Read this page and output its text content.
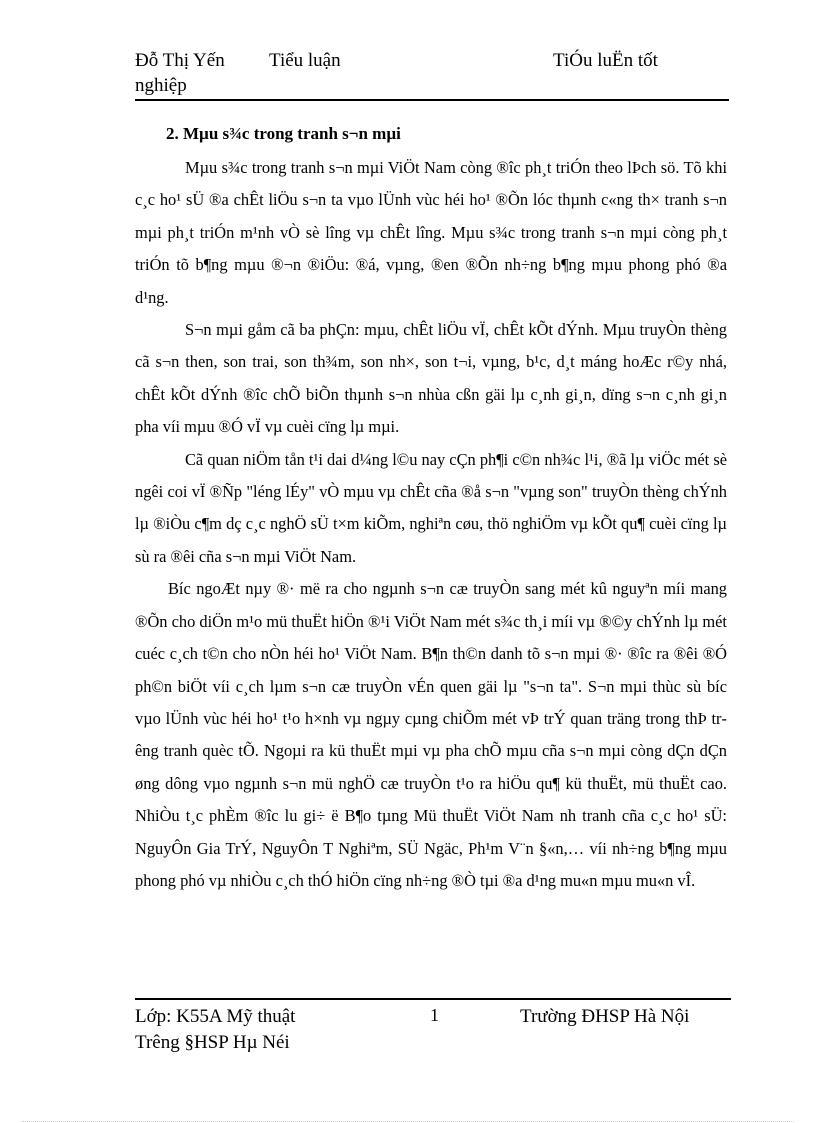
Đỗ Thị Yến Tiểu luận	TiÓu luËn tốt
nghiệp
2. Mµu s¾c trong tranh s¬n mµi

Mµu s¾c trong tranh s¬n mµi ViÖt Nam còng ®îc ph¸t triÓn theo lÞch sö. Tõ khi c¸c ho¹ sÜ ®a chÊt liÖu s¬n ta vµo lÜnh vùc héi ho¹ ®Õn lóc thµnh c«ng th× tranh s¬n mµi ph¸t triÓn m¹nh vÒ sè lîng vµ chÊt lîng. Mµu s¾c trong tranh s¬n mµi còng ph¸t triÓn tõ b¶ng mµu ®¬n ®iÖu: ®á, vµng, ®en ®Õn nh÷ng b¶ng mµu phong phó ®a d¹ng.

S¬n mµi gåm cã ba phÇn: mµu, chÊt liÖu vÏ, chÊt kÕt dÝnh. Mµu truyÒn thèng cã s¬n then, son trai, son th¾m, son nh×, son t¬i, vµng, b¹c, d¸t máng hoÆc r©y nhá, chÊt kÕt dÝnh ®îc chÕ biÕn thµnh s¬n nhùa cßn gäi lµ c¸nh gi¸n, dïng s¬n c¸nh gi¸n pha víi mµu ®Ó vÏ vµ cuèi cïng lµ mµi.

Cã quan niÖm tån t¹i dai d¼ng l©u nay cÇn ph¶i c©n nh¾c l¹i, ®ã lµ viÖc mét sè ngêi coi vÏ ®Ñp "léng lÉy" vÒ mµu vµ chÊt cña ®å s¬n "vµng son" truyÒn thèng chÝnh lµ ®iÒu c¶m dç c¸c nghÖ sÜ t×m kiÕm, nghiªn cøu, thö nghiÖm vµ kÕt qu¶ cuèi cïng lµ sù ra ®êi cña s¬n mµi ViÖt Nam.

Bíc ngoÆt nµy ®· më ra cho ngµnh s¬n cæ truyÒn sang mét kû nguyªn míi mang ®Õn cho diÖn m¹o mü thuËt hiÖn ®¹i ViÖt Nam mét s¾c th¸i míi vµ ®©y chÝnh lµ mét cuéc c¸ch t©n cho nÒn héi ho¹ ViÖt Nam. B¶n th©n danh tõ s¬n mµi ®· ®îc ra ®êi ®Ó ph©n biÖt víi c¸ch lµm s¬n cæ truyÒn vÉn quen gäi lµ "s¬n ta". S¬n mµi thùc sù bíc vµo lÜnh vùc héi ho¹ t¹o h×nh vµ ngµy cµng chiÕm mét vÞ trÝ quan träng trong thÞ trêng tranh quèc tÕ. Ngoµi ra kü thuËt mµi vµ pha chÕ mµu cña s¬n mµi còng dÇn dÇn øng dông vµo ngµnh s¬n mü nghÖ cæ truyÒn t¹o ra hiÖu qu¶ kü thuËt, mü thuËt cao. NhiÒu t¸c phÈm ®îc lu gi÷ ë B¶o tµng Mü thuËt ViÖt Nam nh tranh cña c¸c ho¹ sÜ: NguyÔn Gia TrÝ, NguyÔn T Nghiªm, SÜ Ngäc, Ph¹m V¨n §«n,… víi nh÷ng b¶ng mµu phong phó vµ nhiÒu c¸ch thÓ hiÖn cïng nh÷ng ®Ò tµi ®a d¹ng mu«n mµu mu«n vÎ.

Lớp: K55A Mỹ thuật
Trêng §HSP Hµ Néi
1	Trường ĐHSP Hà Nội
